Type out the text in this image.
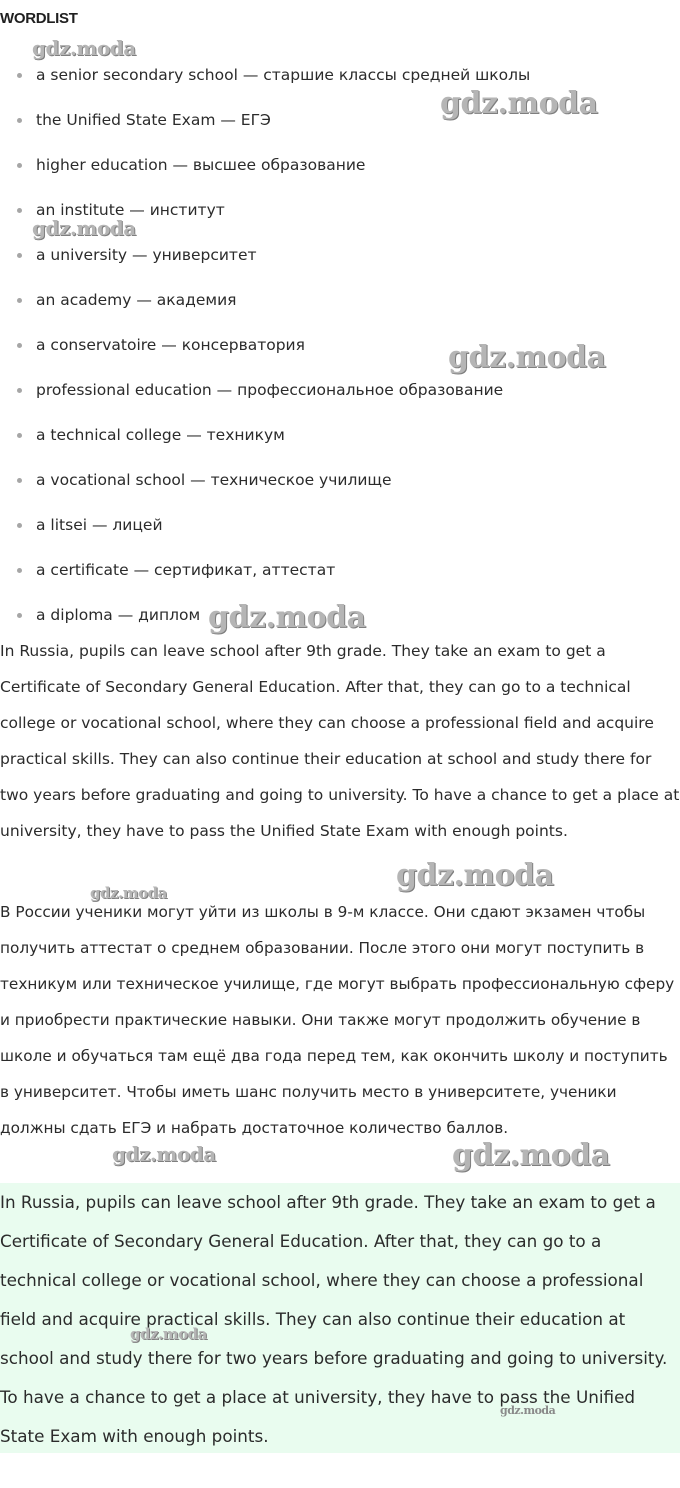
WORDLIST
a senior secondary school — старшие классы средней школы
the Unified State Exam — ЕГЭ
higher education — высшее образование
an institute — институт
a university — университет
an academy — академия
a conservatoire — консерватория
professional education — профессиональное образование
a technical college — техникум
a vocational school — техническое училище
a litsei — лицей
a certificate — сертификат, аттестат
a diploma — диплом

In Russia, pupils can leave school after 9th grade. They take an exam to get a Certificate of Secondary General Education. After that, they can go to a technical college or vocational school, where they can choose a professional field and acquire practical skills. They can also continue their education at school and study there for two years before graduating and going to university. To have a chance to get a place at university, they have to pass the Unified State Exam with enough points.

В России ученики могут уйти из школы в 9-м классе. Они сдают экзамен чтобы получить аттестат о среднем образовании. После этого они могут поступить в техникум или техническое училище, где могут выбрать профессиональную сферу и приобрести практические навыки. Они также могут продолжить обучение в школе и обучаться там ещё два года перед тем, как окончить школу и поступить в университет. Чтобы иметь шанс получить место в университете, ученики должны сдать ЕГЭ и набрать достаточное количество баллов.

In Russia, pupils can leave school after 9th grade. They take an exam to get a Certificate of Secondary General Education. After that, they can go to a technical college or vocational school, where they can choose a professional field and acquire practical skills. They can also continue their education at school and study there for two years before graduating and going to university. To have a chance to get a place at university, they have to pass the Unified State Exam with enough points.

gdz.moda
gdz.moda
gdz.moda
gdz.moda
gdz.moda
gdz.moda
gdz.moda
gdz.moda	gdz.moda
gdz.moda
gdz.moda
